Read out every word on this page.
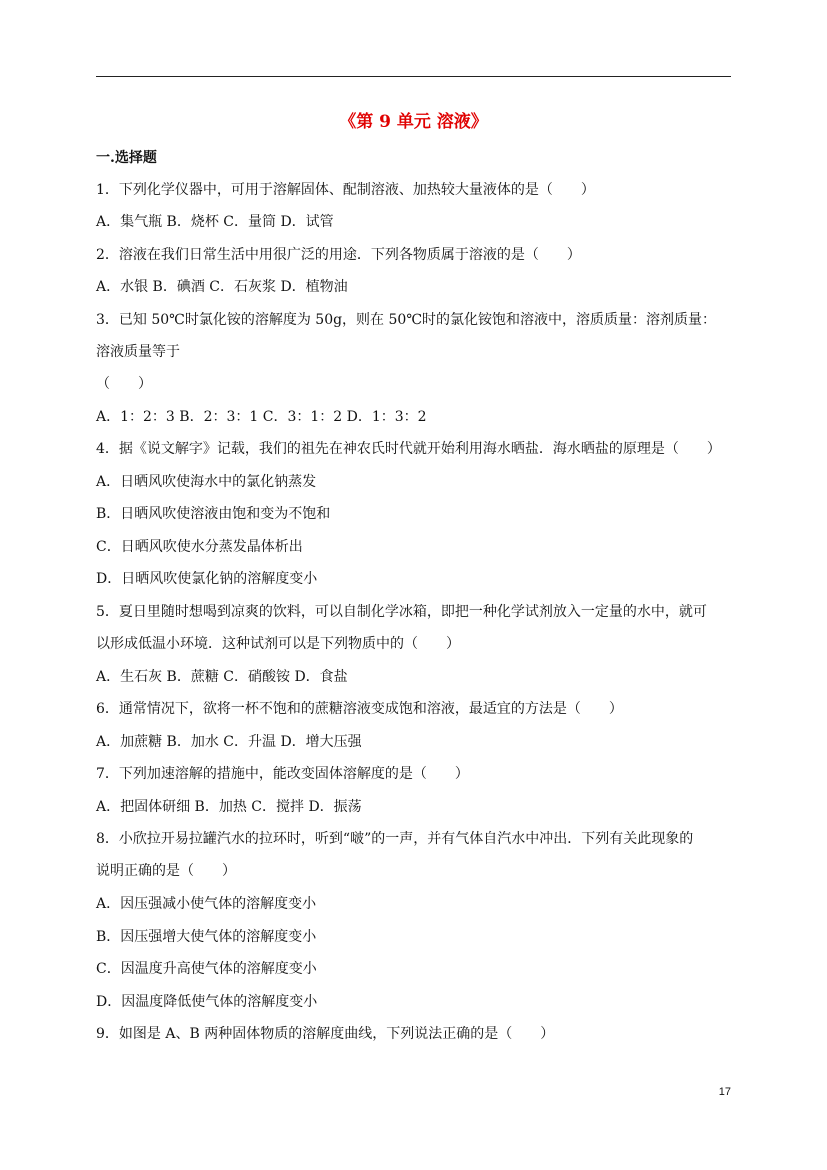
《第 9 单元 溶液》
一.选择题
1．下列化学仪器中，可用于溶解固体、配制溶液、加热较大量液体的是（　　）
A．集气瓶 B．烧杯 C．量筒 D．试管
2．溶液在我们日常生活中用很广泛的用途．下列各物质属于溶液的是（　　）
A．水银 B．碘酒 C．石灰浆 D．植物油
3．已知 50℃时氯化铵的溶解度为 50g，则在 50℃时的氯化铵饱和溶液中，溶质质量：溶剂质量：
溶液质量等于
（　　）
A．1：2：3 B．2：3：1 C．3：1：2 D．1：3：2
4．据《说文解字》记载，我们的祖先在神农氏时代就开始利用海水晒盐．海水晒盐的原理是（　　）
A．日晒风吹使海水中的氯化钠蒸发
B．日晒风吹使溶液由饱和变为不饱和
C．日晒风吹使水分蒸发晶体析出
D．日晒风吹使氯化钠的溶解度变小
5．夏日里随时想喝到凉爽的饮料，可以自制化学冰箱，即把一种化学试剂放入一定量的水中，就可
以形成低温小环境．这种试剂可以是下列物质中的（　　）
A．生石灰 B．蔗糖 C．硝酸铵 D．食盐
6．通常情况下，欲将一杯不饱和的蔗糖溶液变成饱和溶液，最适宜的方法是（　　）
A．加蔗糖 B．加水 C．升温 D．增大压强
7．下列加速溶解的措施中，能改变固体溶解度的是（　　）
A．把固体研细 B．加热 C．搅拌 D．振荡
8．小欣拉开易拉罐汽水的拉环时，听到“啵”的一声，并有气体自汽水中冲出．下列有关此现象的
说明正确的是（　　）
A．因压强减小使气体的溶解度变小
B．因压强增大使气体的溶解度变小
C．因温度升高使气体的溶解度变小
D．因温度降低使气体的溶解度变小
9．如图是 A、B 两种固体物质的溶解度曲线，下列说法正确的是（　　）
17
